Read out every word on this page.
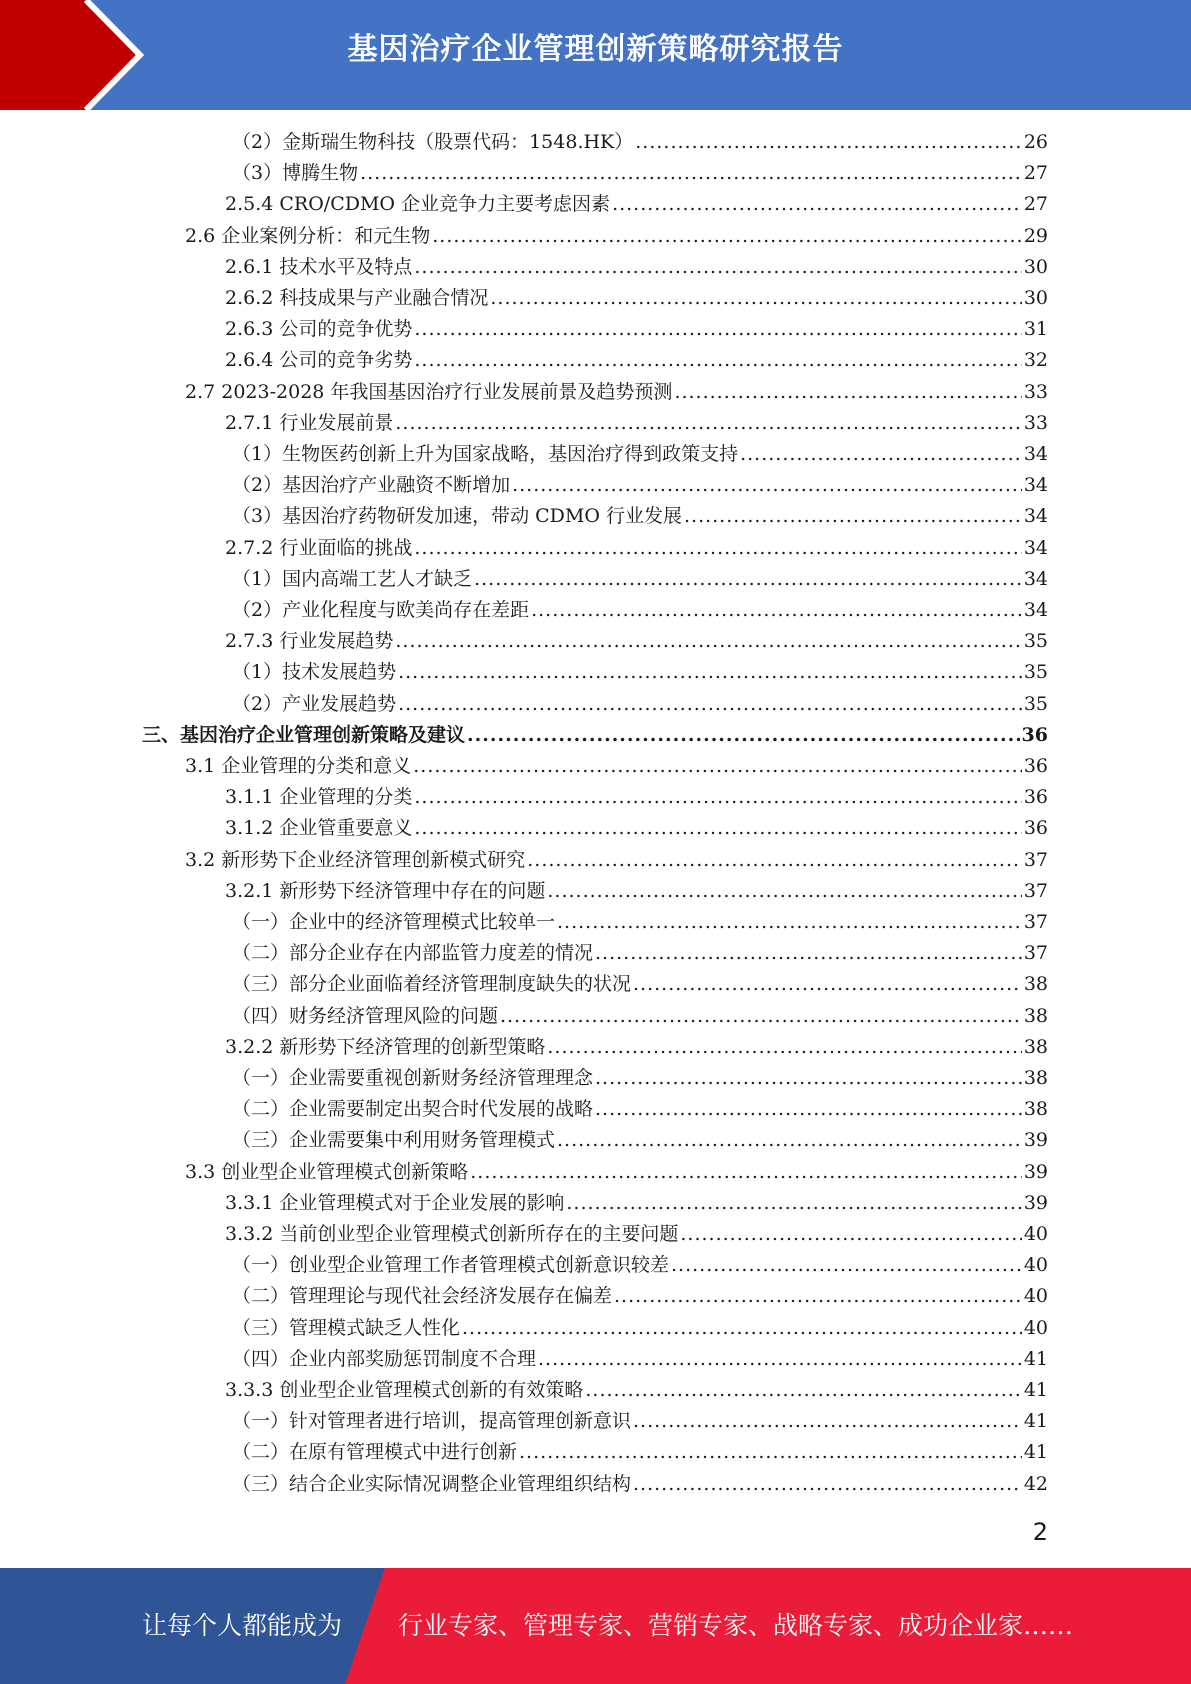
基因治疗企业管理创新策略研究报告
（2）金斯瑞生物科技（股票代码：1548.HK） .....	26
（3）博腾生物 .....	27
2.5.4 CRO/CDMO 企业竞争力主要考虑因素 .....	27
2.6 企业案例分析：和元生物 .....	29
2.6.1 技术水平及特点 .....	30
2.6.2 科技成果与产业融合情况 .....	30
2.6.3 公司的竞争优势 .....	31
2.6.4 公司的竞争劣势 .....	32
2.7 2023-2028 年我国基因治疗行业发展前景及趋势预测 .....	33
2.7.1 行业发展前景 .....	33
（1）生物医药创新上升为国家战略，基因治疗得到政策支持 .....	34
（2）基因治疗产业融资不断增加 .....	34
（3）基因治疗药物研发加速，带动 CDMO 行业发展 .....	34
2.7.2 行业面临的挑战 .....	34
（1）国内高端工艺人才缺乏 .....	34
（2）产业化程度与欧美尚存在差距 .....	34
2.7.3 行业发展趋势 .....	35
（1）技术发展趋势 .....	35
（2）产业发展趋势 .....	35
三、基因治疗企业管理创新策略及建议 .....	36
3.1 企业管理的分类和意义 .....	36
3.1.1 企业管理的分类 .....	36
3.1.2 企业管重要意义 .....	36
3.2 新形势下企业经济管理创新模式研究 .....	37
3.2.1 新形势下经济管理中存在的问题 .....	37
（一）企业中的经济管理模式比较单一 .....	37
（二）部分企业存在内部监管力度差的情况 .....	37
（三）部分企业面临着经济管理制度缺失的状况 .....	38
（四）财务经济管理风险的问题 .....	38
3.2.2 新形势下经济管理的创新型策略 .....	38
（一）企业需要重视创新财务经济管理理念 .....	38
（二）企业需要制定出契合时代发展的战略 .....	38
（三）企业需要集中利用财务管理模式 .....	39
3.3 创业型企业管理模式创新策略 .....	39
3.3.1 企业管理模式对于企业发展的影响 .....	39
3.3.2 当前创业型企业管理模式创新所存在的主要问题 .....	40
（一）创业型企业管理工作者管理模式创新意识较差 .....	40
（二）管理理论与现代社会经济发展存在偏差 .....	40
（三）管理模式缺乏人性化 .....	40
（四）企业内部奖励惩罚制度不合理 .....	41
3.3.3 创业型企业管理模式创新的有效策略 .....	41
（一）针对管理者进行培训，提高管理创新意识 .....	41
（二）在原有管理模式中进行创新 .....	41
（三）结合企业实际情况调整企业管理组织结构 .....	42
2
让每个人都能成为 行业专家、管理专家、营销专家、战略专家、成功企业家……
